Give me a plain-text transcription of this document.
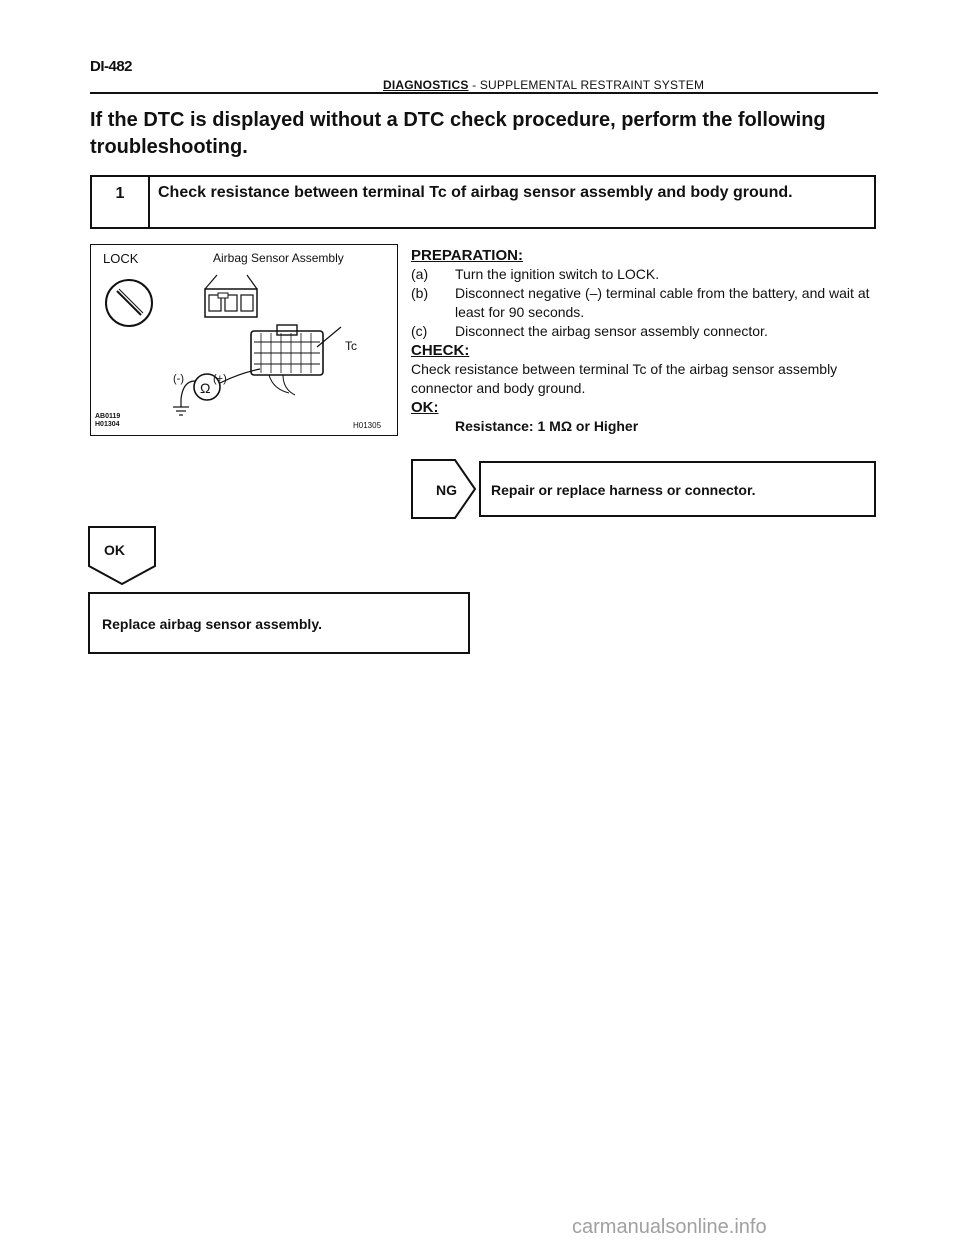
DI-482
DIAGNOSTICS - SUPPLEMENTAL RESTRAINT SYSTEM
If the DTC is displayed without a DTC check procedure, perform the following troubleshooting.
1	Check resistance between terminal Tc of airbag sensor assembly and body ground.
LOCK	Airbag Sensor Assembly
Ω
Tc
(-)	(+)
AB0119
H01304	H01305
PREPARATION:
(a)	Turn the ignition switch to LOCK.
(b)	Disconnect negative (–) terminal cable from the battery, and wait at least for 90 seconds.
(c)	Disconnect the airbag sensor assembly connector.
CHECK:
Check resistance between terminal Tc of the airbag sensor assembly connector and body ground.
OK:
Resistance: 1 MΩ or Higher
NG Repair or replace harness or connector.
OK
Replace airbag sensor assembly.
carmanualsonline.info
